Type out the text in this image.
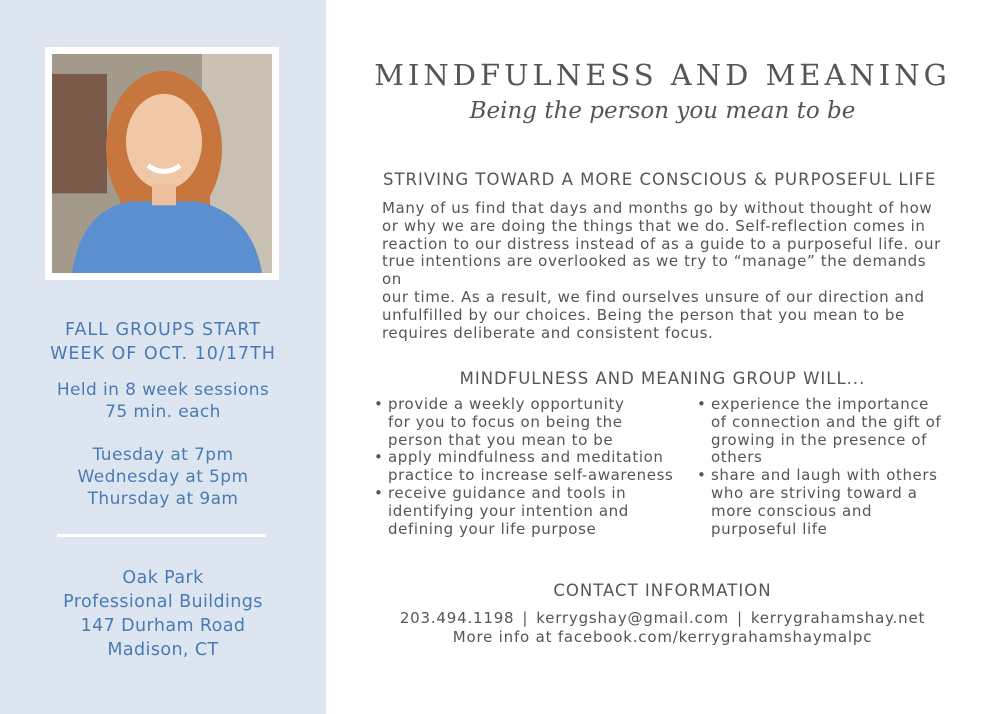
FALL GROUPS START
WEEK OF OCT. 10/17TH
Held in 8 week sessions
75 min. each
Tuesday at 7pm
Wednesday at 5pm
Thursday at 9am
Oak Park
Professional Buildings
147 Durham Road
Madison, CT
MINDFULNESS AND MEANING
Being the person you mean to be
STRIVING TOWARD A MORE CONSCIOUS & PURPOSEFUL LIFE
Many of us find that days and months go by without thought of how
or why we are doing the things that we do. Self-reflection comes in
reaction to our distress instead of as a guide to a purposeful life. our
true intentions are overlooked as we try to “manage” the demands on
our time. As a result, we find ourselves unsure of our direction and
unfulfilled by our choices. Being the person that you mean to be
requires deliberate and consistent focus.
MINDFULNESS AND MEANING GROUP WILL...
• provide a weekly opportunity
for you to focus on being the
person that you mean to be
• apply mindfulness and meditation
practice to increase self-awareness
• receive guidance and tools in
identifying your intention and
defining your life purpose
• experience the importance
of connection and the gift of
growing in the presence of
others
• share and laugh with others
who are striving toward a
more conscious and
purposeful life
CONTACT INFORMATION
203.494.1198 | kerrygshay@gmail.com | kerrygrahamshay.net
More info at facebook.com/kerrygrahamshaymalpc
